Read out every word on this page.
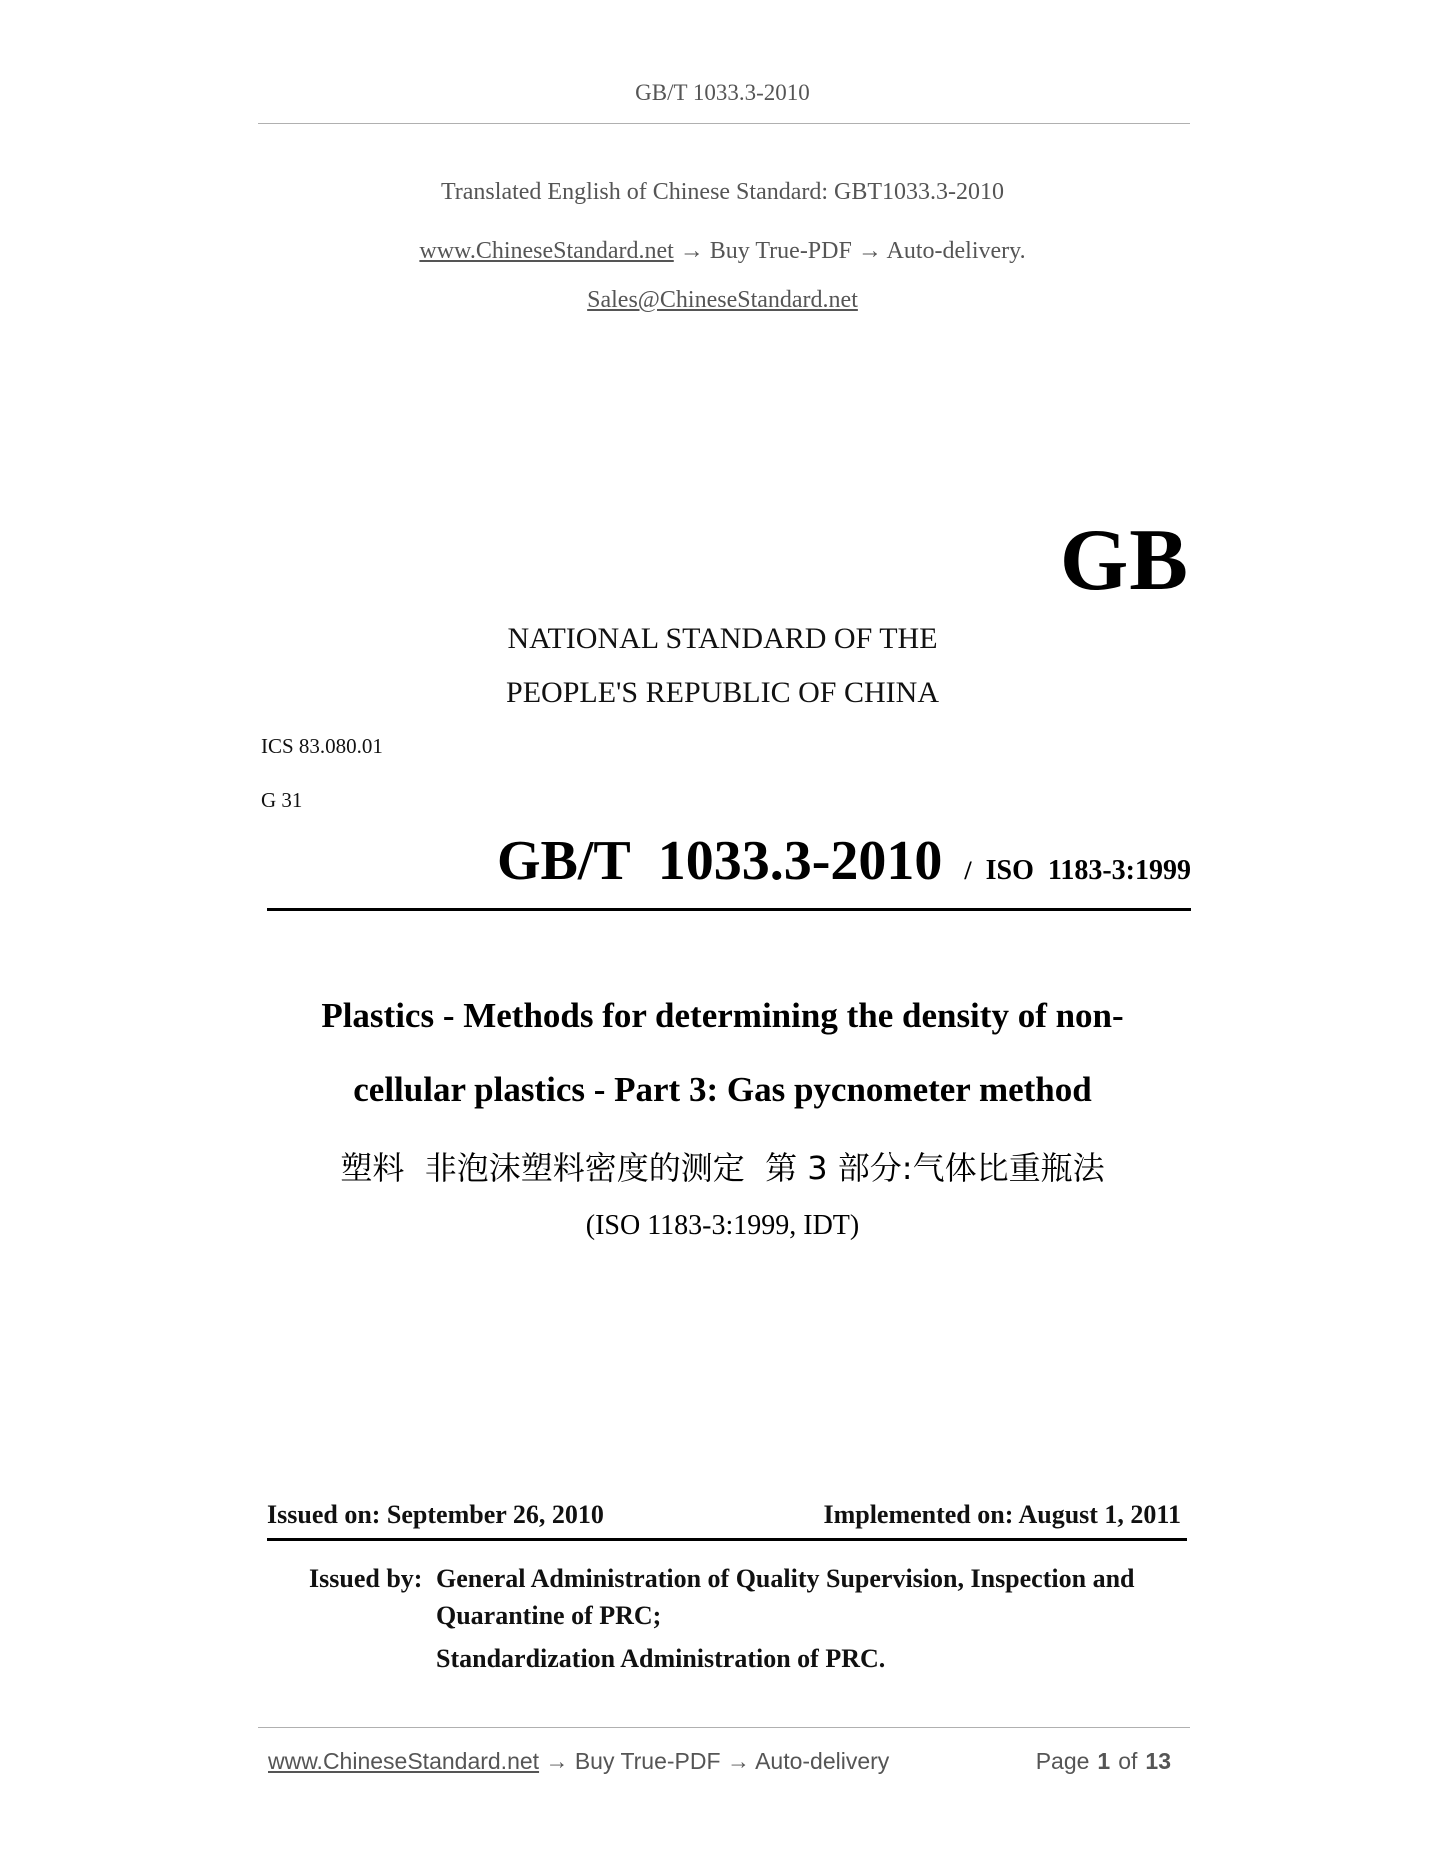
GB/T 1033.3-2010
Translated English of Chinese Standard: GBT1033.3-2010
www.ChineseStandard.net → Buy True-PDF → Auto-delivery.
Sales@ChineseStandard.net
GB
NATIONAL STANDARD OF THE
PEOPLE'S REPUBLIC OF CHINA
ICS 83.080.01
G 31
GB/T  1033.3-2010 / ISO  1183-3:1999
Plastics - Methods for determining the density of non-
cellular plastics - Part 3: Gas pycnometer method
塑料  非泡沫塑料密度的测定  第 3 部分:气体比重瓶法
(ISO 1183-3:1999, IDT)
Issued on: September 26, 2010	Implemented on: August 1, 2011
Issued by: General Administration of Quality Supervision, Inspection and
Quarantine of PRC;
Standardization Administration of PRC.
www.ChineseStandard.net → Buy True-PDF → Auto-delivery	Page 1 of 13
